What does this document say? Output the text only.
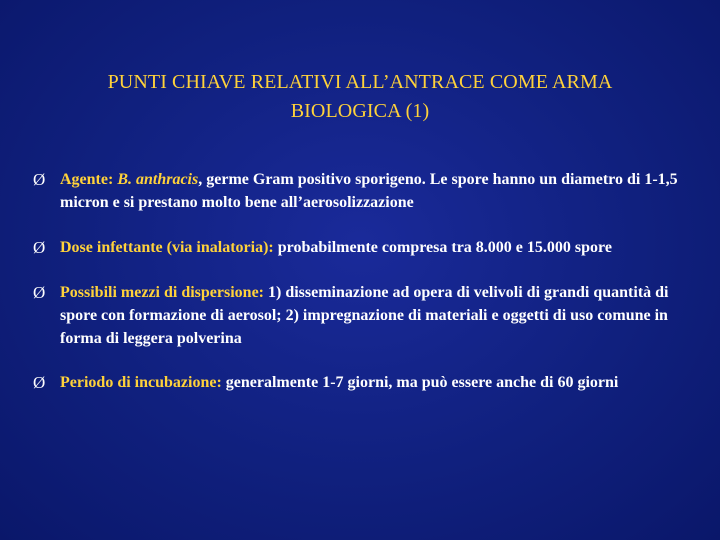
PUNTI CHIAVE RELATIVI ALL’ANTRACE COME ARMA
BIOLOGICA (1)
Ø Agente: B. anthracis, germe Gram positivo sporigeno. Le spore hanno un diametro di 1-1,5 micron e si prestano molto bene all’aerosolizzazione
Ø Dose infettante (via inalatoria): probabilmente compresa tra 8.000 e 15.000 spore
Ø Possibili mezzi di dispersione: 1) disseminazione ad opera di velivoli di grandi quantità di spore con formazione di aerosol; 2) impregnazione di materiali e oggetti di uso comune in forma di leggera polverina
Ø Periodo di incubazione: generalmente 1-7 giorni, ma può essere anche di 60 giorni
